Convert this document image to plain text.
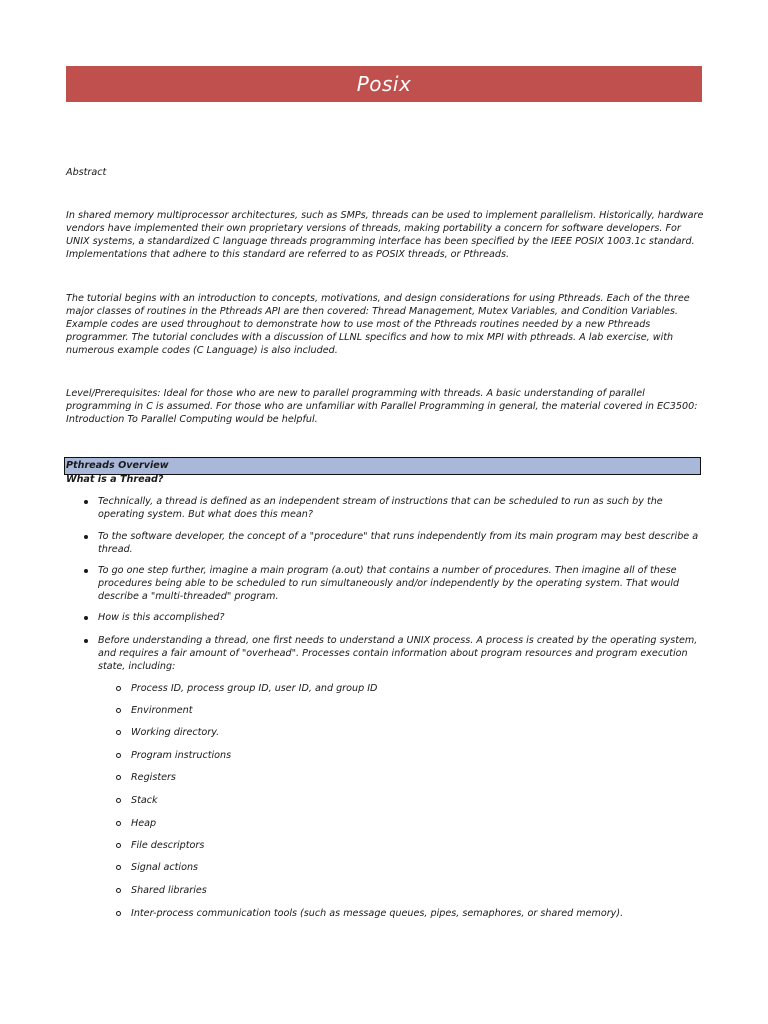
Posix

Abstract

In shared memory multiprocessor architectures, such as SMPs, threads can be used to implement parallelism. Historically, hardware vendors have implemented their own proprietary versions of threads, making portability a concern for software developers. For UNIX systems, a standardized C language threads programming interface has been specified by the IEEE POSIX 1003.1c standard. Implementations that adhere to this standard are referred to as POSIX threads, or Pthreads.

The tutorial begins with an introduction to concepts, motivations, and design considerations for using Pthreads. Each of the three major classes of routines in the Pthreads API are then covered: Thread Management, Mutex Variables, and Condition Variables. Example codes are used throughout to demonstrate how to use most of the Pthreads routines needed by a new Pthreads programmer. The tutorial concludes with a discussion of LLNL specifics and how to mix MPI with pthreads. A lab exercise, with numerous example codes (C Language) is also included.

Level/Prerequisites: Ideal for those who are new to parallel programming with threads. A basic understanding of parallel programming in C is assumed. For those who are unfamiliar with Parallel Programming in general, the material covered in EC3500: Introduction To Parallel Computing would be helpful.

Pthreads Overview
What is a Thread?
Technically, a thread is defined as an independent stream of instructions that can be scheduled to run as such by the operating system. But what does this mean?
To the software developer, the concept of a "procedure" that runs independently from its main program may best describe a thread.
To go one step further, imagine a main program (a.out) that contains a number of procedures. Then imagine all of these procedures being able to be scheduled to run simultaneously and/or independently by the operating system. That would describe a "multi-threaded" program.
How is this accomplished?
Before understanding a thread, one first needs to understand a UNIX process. A process is created by the operating system, and requires a fair amount of "overhead". Processes contain information about program resources and program execution state, including:
Process ID, process group ID, user ID, and group ID
Environment
Working directory.
Program instructions
Registers
Stack
Heap
File descriptors
Signal actions
Shared libraries
Inter-process communication tools (such as message queues, pipes, semaphores, or shared memory).
